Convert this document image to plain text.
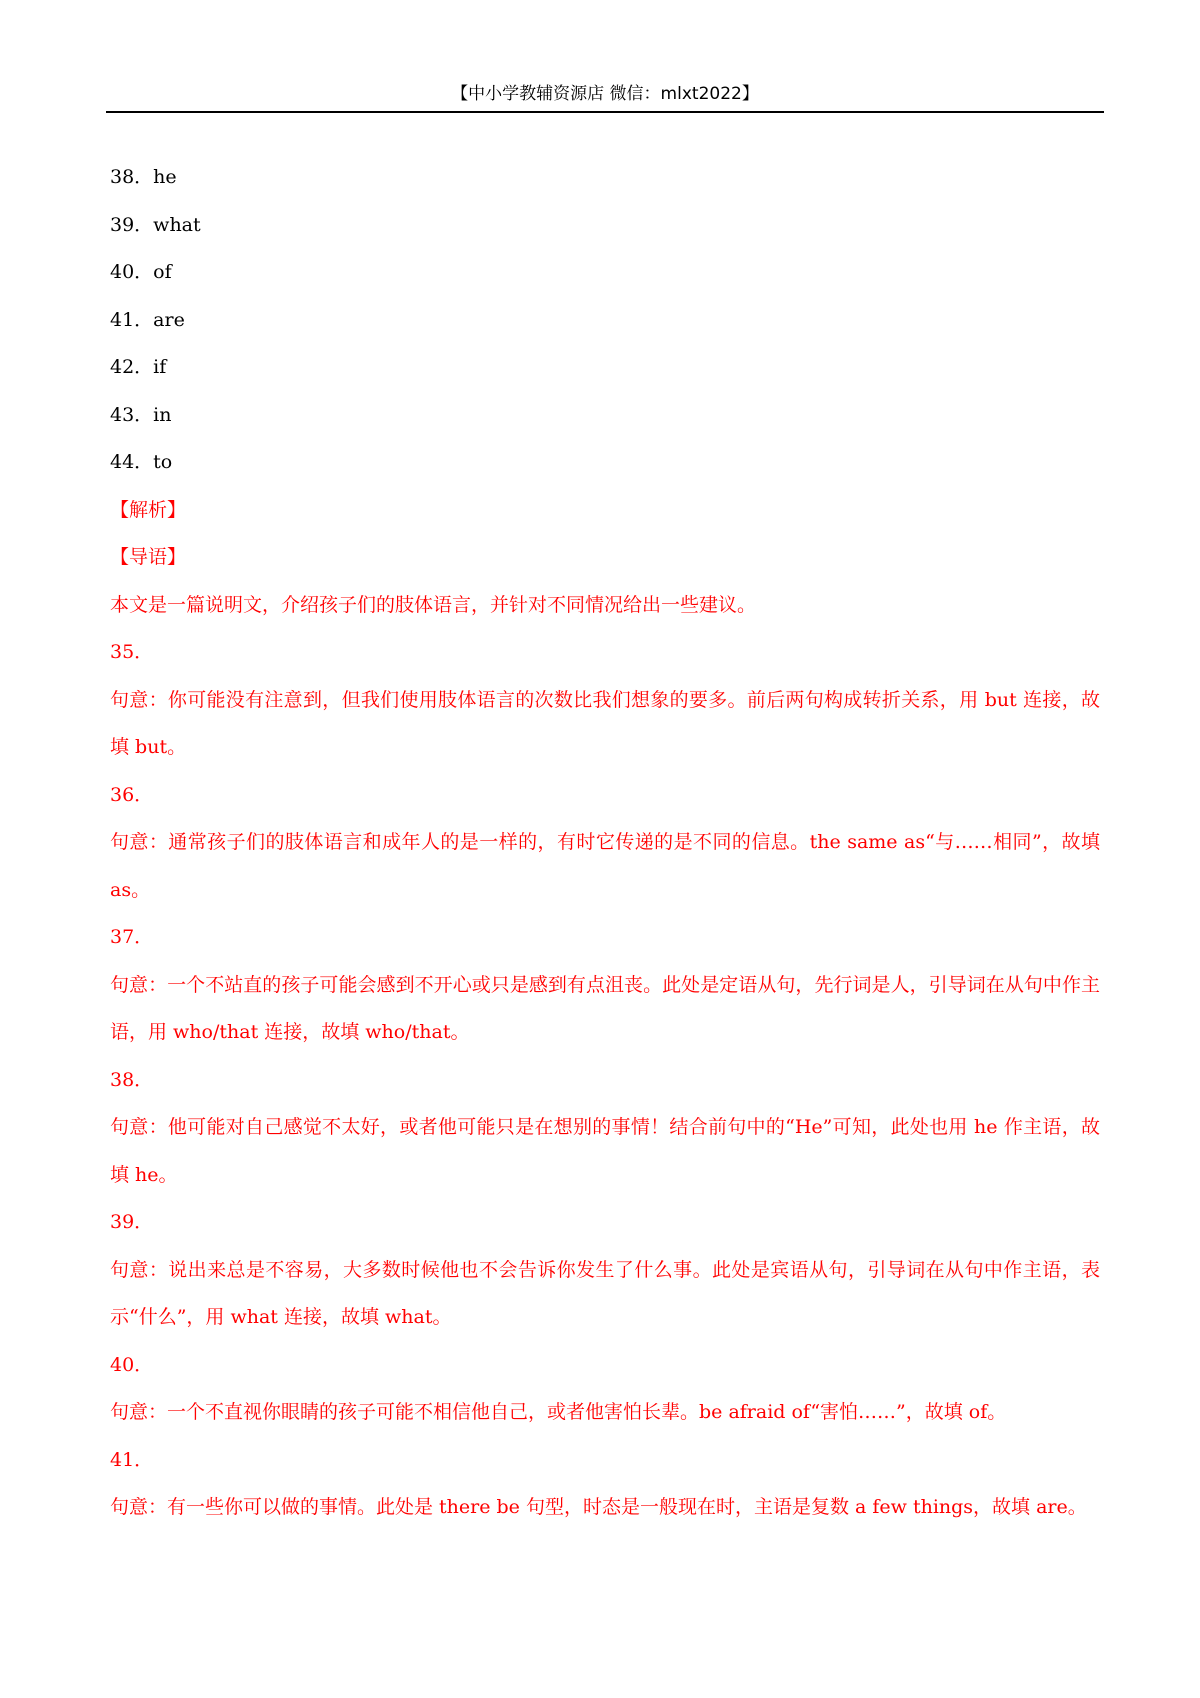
【中小学教辅资源店 微信：mlxt2022】
38．he
39．what
40．of
41．are
42．if
43．in
44．to
【解析】
【导语】
本文是一篇说明文，介绍孩子们的肢体语言，并针对不同情况给出一些建议。
35．
句意：你可能没有注意到，但我们使用肢体语言的次数比我们想象的要多。前后两句构成转折关系，用 but 连接，故填 but。
36．
句意：通常孩子们的肢体语言和成年人的是一样的，有时它传递的是不同的信息。the same as“与……相同”，故填 as。
37．
句意：一个不站直的孩子可能会感到不开心或只是感到有点沮丧。此处是定语从句，先行词是人，引导词在从句中作主语，用 who/that 连接，故填 who/that。
38．
句意：他可能对自己感觉不太好，或者他可能只是在想别的事情！结合前句中的“He”可知，此处也用 he 作主语，故填 he。
39．
句意：说出来总是不容易，大多数时候他也不会告诉你发生了什么事。此处是宾语从句，引导词在从句中作主语，表示“什么”，用 what 连接，故填 what。
40．
句意：一个不直视你眼睛的孩子可能不相信他自己，或者他害怕长辈。be afraid of“害怕……”，故填 of。
41．
句意：有一些你可以做的事情。此处是 there be 句型，时态是一般现在时，主语是复数 a few things，故填 are。
